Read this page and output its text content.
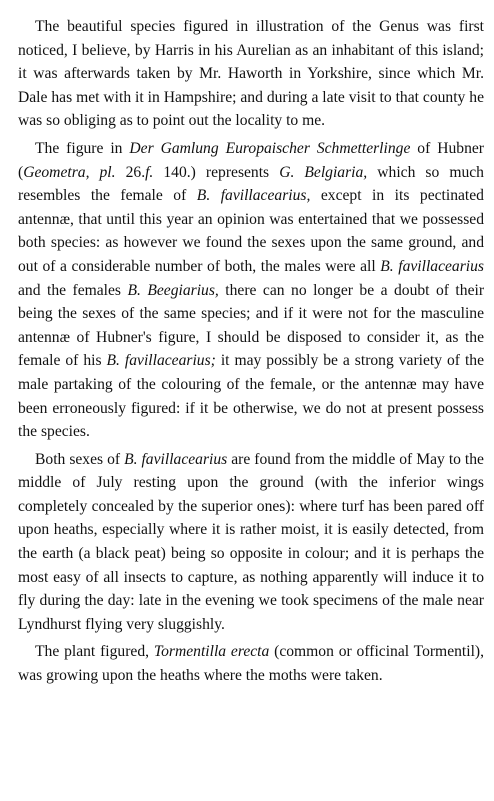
The beautiful species figured in illustration of the Genus was first noticed, I believe, by Harris in his Aurelian as an inhabitant of this island; it was afterwards taken by Mr. Haworth in Yorkshire, since which Mr. Dale has met with it in Hampshire; and during a late visit to that county he was so obliging as to point out the locality to me.

The figure in Der Gamlung Europaischer Schmetterlinge of Hubner (Geometra, pl. 26.f. 140.) represents G. Belgiaria, which so much resembles the female of B. favillacearius, except in its pectinated antennæ, that until this year an opinion was entertained that we possessed both species: as however we found the sexes upon the same ground, and out of a considerable number of both, the males were all B. favillacearius and the females B. Beegiarius, there can no longer be a doubt of their being the sexes of the same species; and if it were not for the masculine antennæ of Hubner's figure, I should be disposed to consider it, as the female of his B. favillacearius; it may possibly be a strong variety of the male partaking of the colouring of the female, or the antennæ may have been erroneously figured: if it be otherwise, we do not at present possess the species.

Both sexes of B. favillacearius are found from the middle of May to the middle of July resting upon the ground (with the inferior wings completely concealed by the superior ones): where turf has been pared off upon heaths, especially where it is rather moist, it is easily detected, from the earth (a black peat) being so opposite in colour; and it is perhaps the most easy of all insects to capture, as nothing apparently will induce it to fly during the day: late in the evening we took specimens of the male near Lyndhurst flying very sluggishly.

The plant figured, Tormentilla erecta (common or officinal Tormentil), was growing upon the heaths where the moths were taken.
